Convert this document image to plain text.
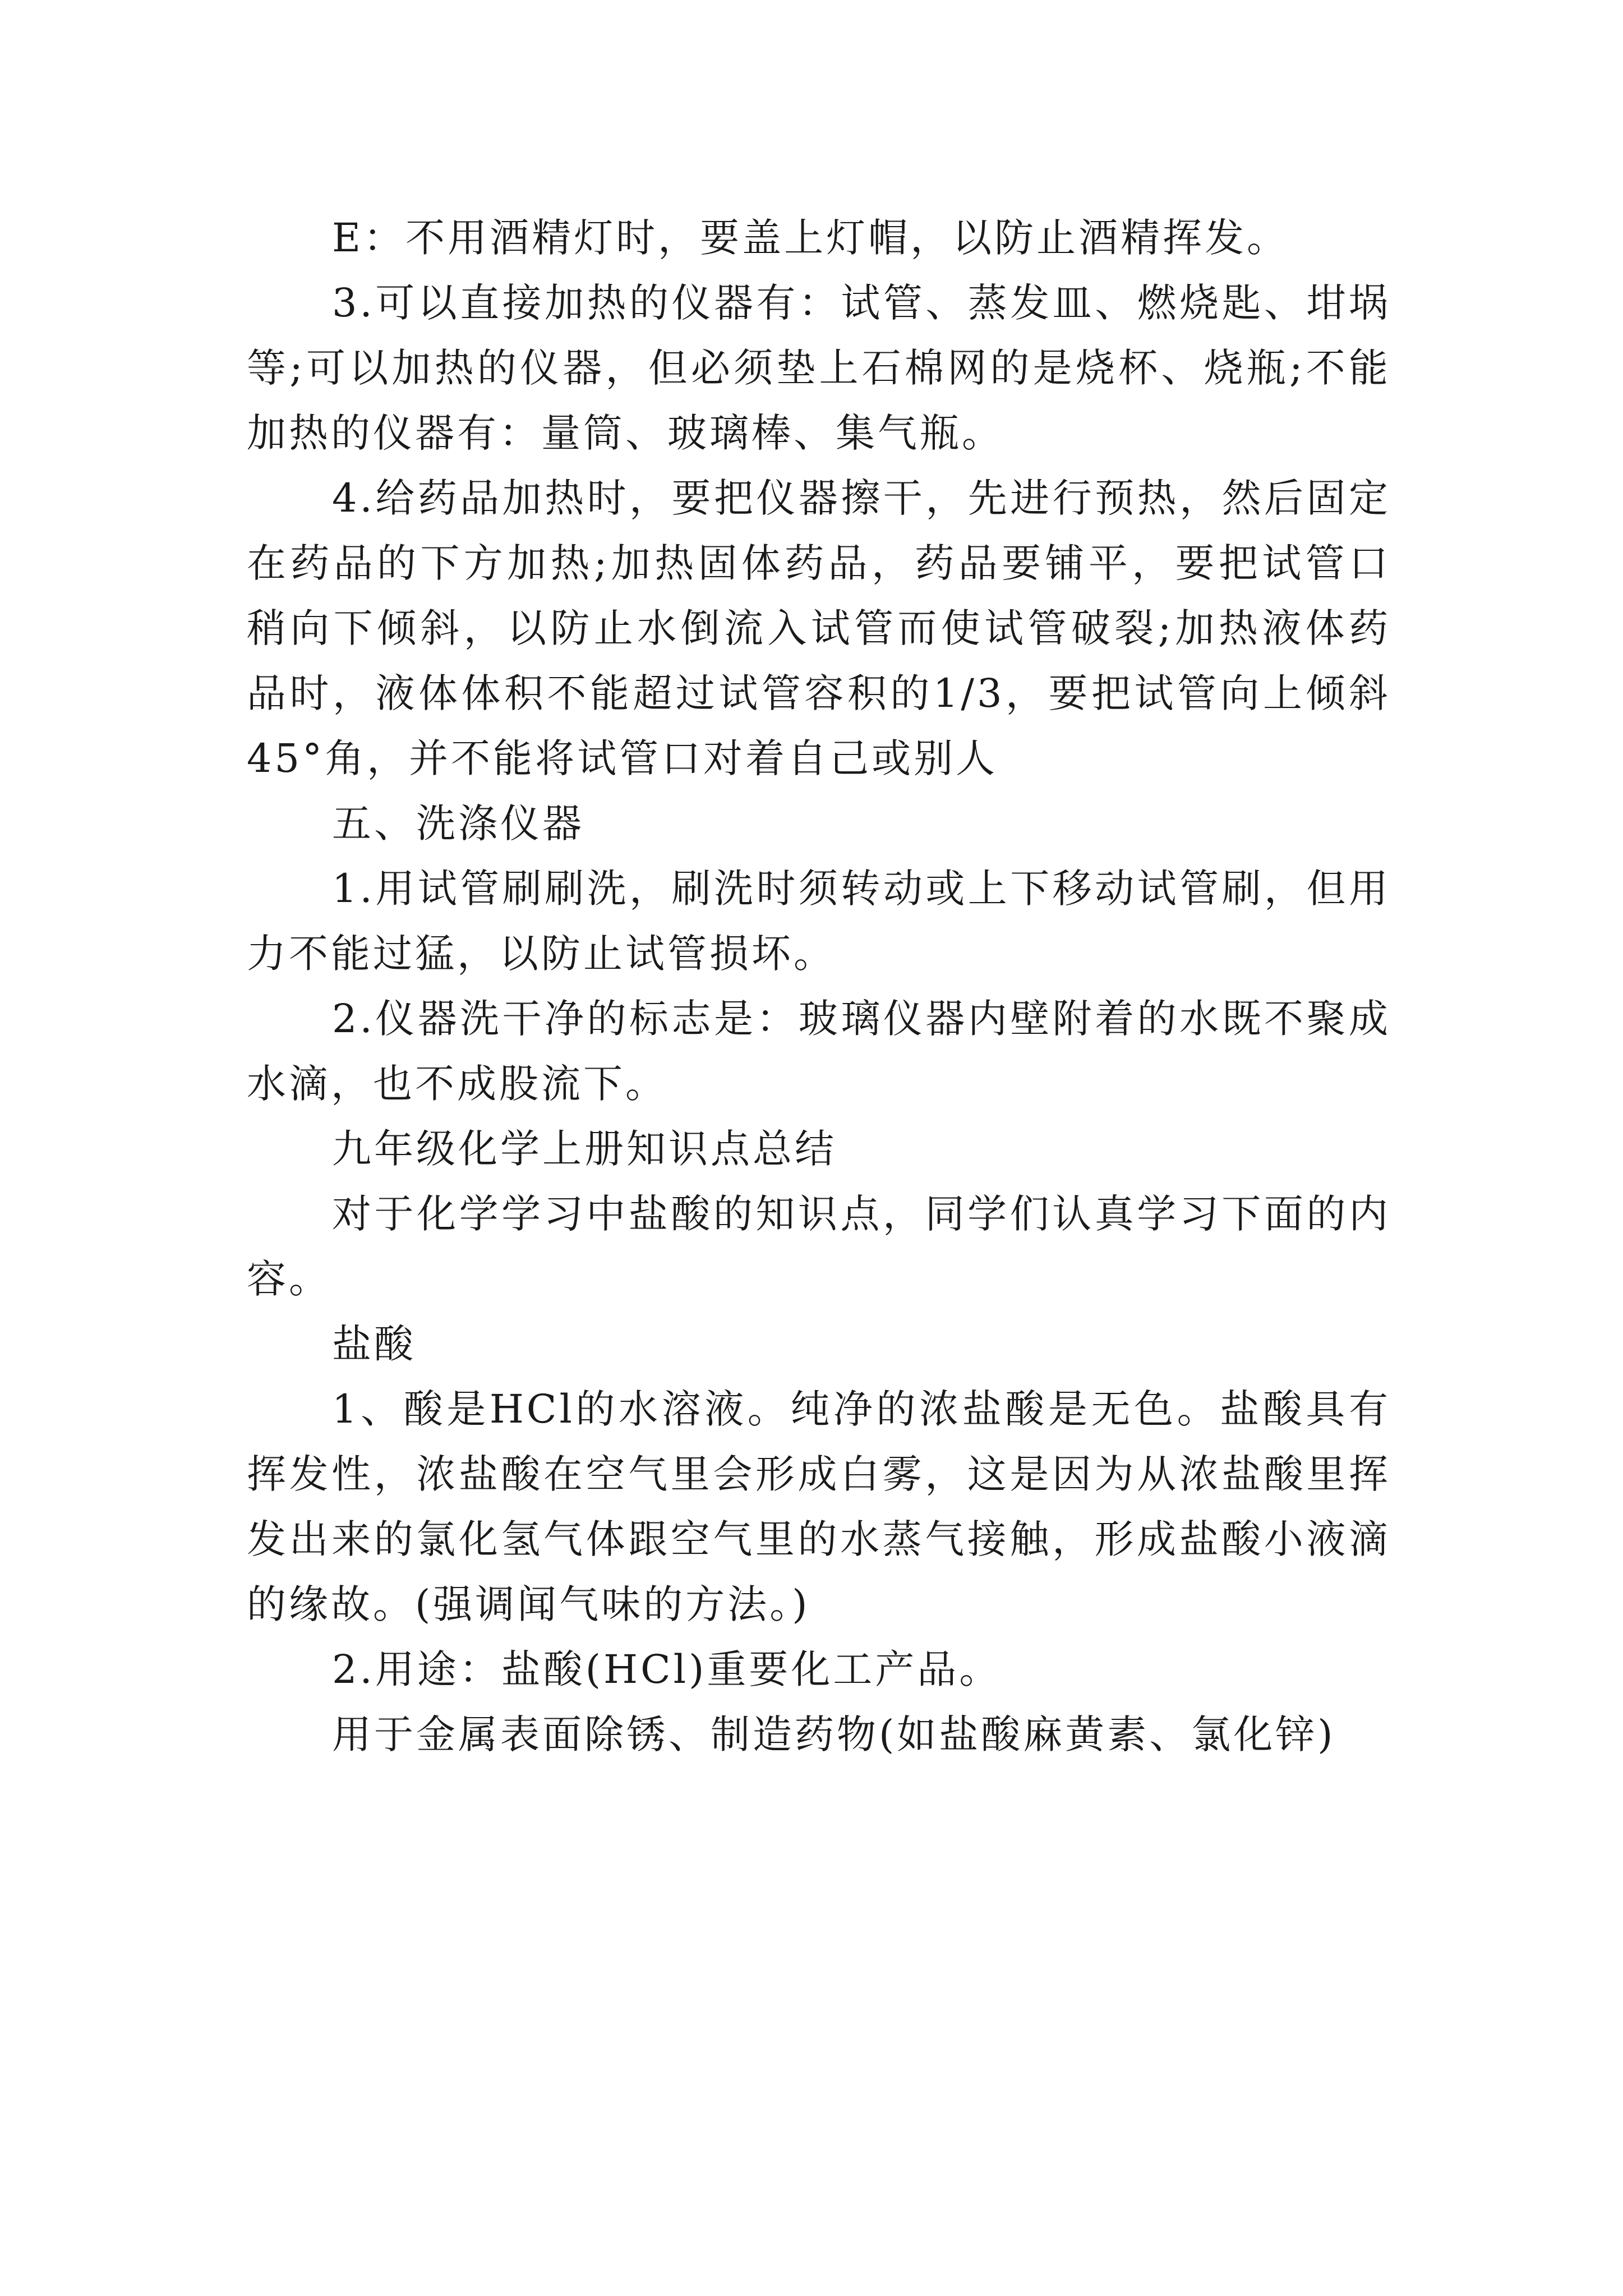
E：不用酒精灯时，要盖上灯帽，以防止酒精挥发。

3.可以直接加热的仪器有：试管、蒸发皿、燃烧匙、坩埚等;可以加热的仪器，但必须垫上石棉网的是烧杯、烧瓶;不能加热的仪器有：量筒、玻璃棒、集气瓶。

4.给药品加热时，要把仪器擦干，先进行预热，然后固定在药品的下方加热;加热固体药品，药品要铺平，要把试管口稍向下倾斜，以防止水倒流入试管而使试管破裂;加热液体药品时，液体体积不能超过试管容积的1/3，要把试管向上倾斜45°角，并不能将试管口对着自己或别人

五、洗涤仪器

1.用试管刷刷洗，刷洗时须转动或上下移动试管刷，但用力不能过猛，以防止试管损坏。

2.仪器洗干净的标志是：玻璃仪器内壁附着的水既不聚成水滴，也不成股流下。

九年级化学上册知识点总结

对于化学学习中盐酸的知识点，同学们认真学习下面的内容。

盐酸

1、酸是HCl的水溶液。纯净的浓盐酸是无色。盐酸具有挥发性，浓盐酸在空气里会形成白雾，这是因为从浓盐酸里挥发出来的氯化氢气体跟空气里的水蒸气接触，形成盐酸小液滴的缘故。(强调闻气味的方法。)

2.用途：盐酸(HCl)重要化工产品。

用于金属表面除锈、制造药物(如盐酸麻黄素、氯化锌)
